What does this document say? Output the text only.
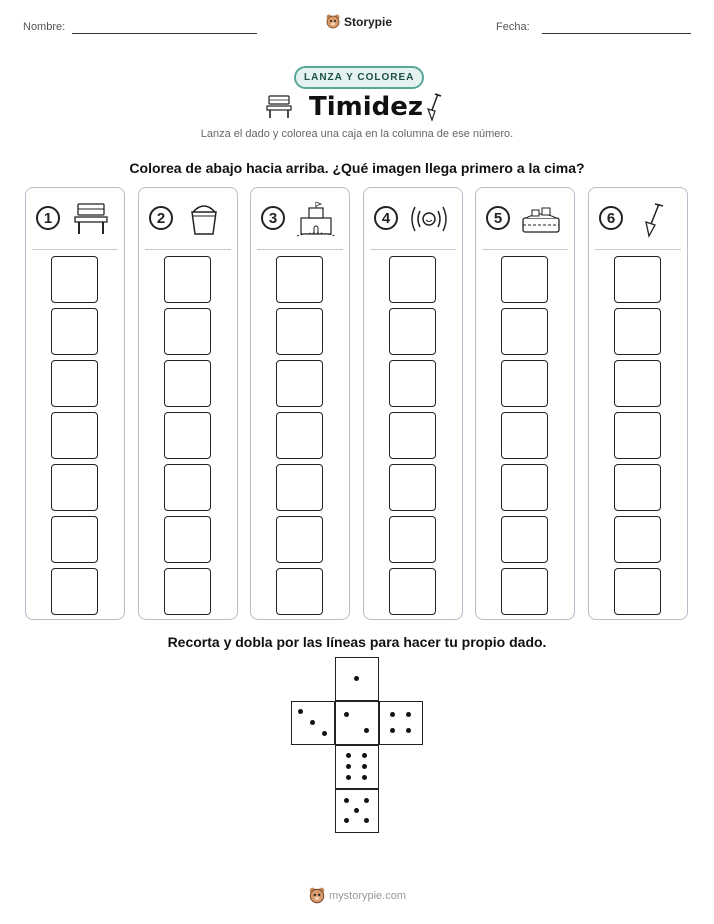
Nombre:	Storypie	Fecha:
LANZA Y COLOREA
Timidez
Lanza el dado y colorea una caja en la columna de ese número.
Colorea de abajo hacia arriba. ¿Qué imagen llega primero a la cima?
1	2	3	4	5	6
Recorta y dobla por las líneas para hacer tu propio dado.
mystorypie.com
